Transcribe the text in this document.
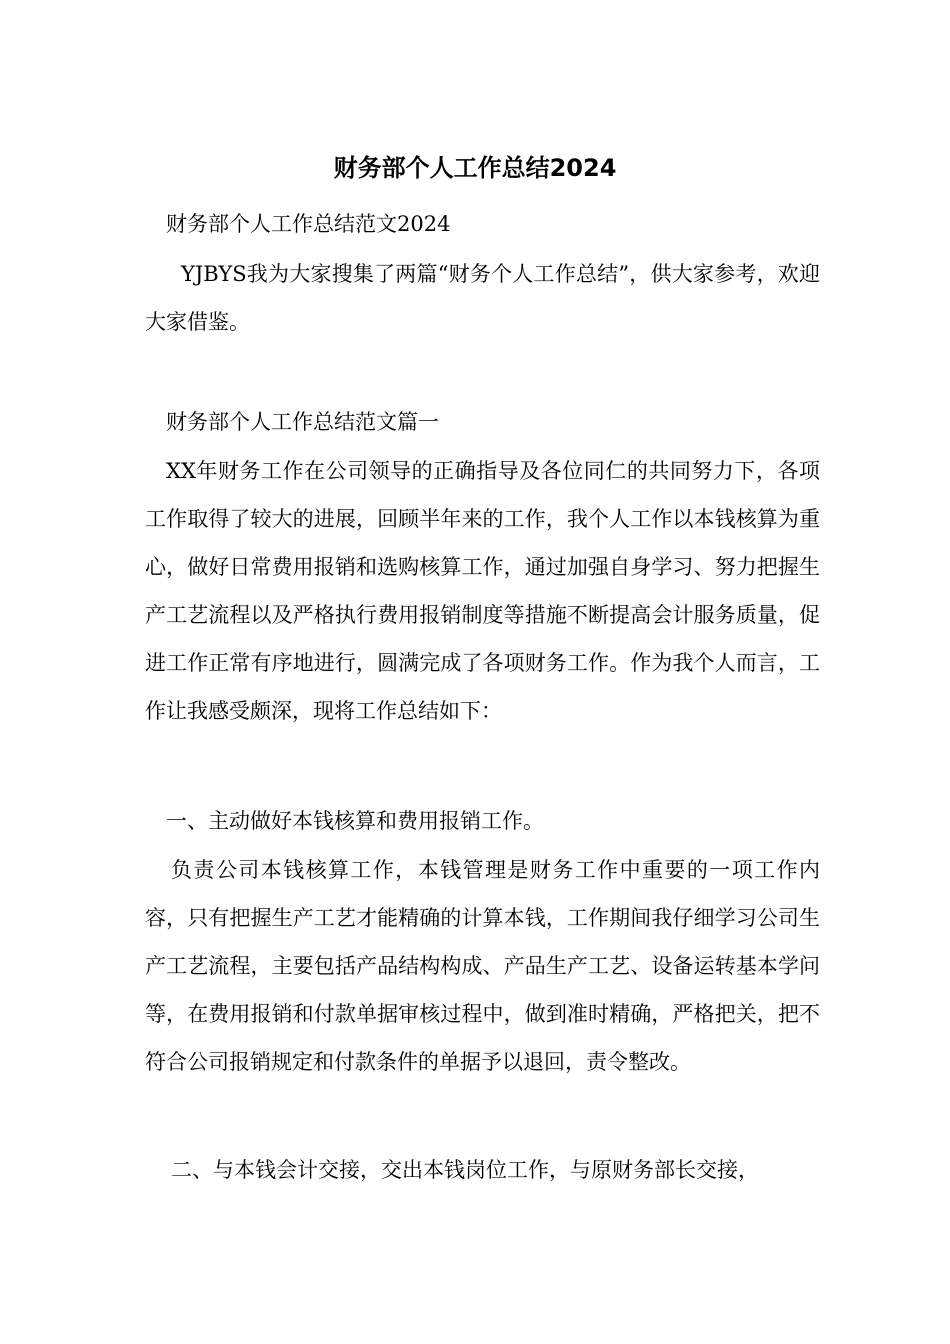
财务部个人工作总结2024

财务部个人工作总结范文2024

YJBYS我为大家搜集了两篇“财务个人工作总结”，供大家参考，欢迎大家借鉴。

财务部个人工作总结范文篇一

XX年财务工作在公司领导的正确指导及各位同仁的共同努力下，各项工作取得了较大的进展，回顾半年来的工作，我个人工作以本钱核算为重心，做好日常费用报销和选购核算工作，通过加强自身学习、努力把握生产工艺流程以及严格执行费用报销制度等措施不断提高会计服务质量，促进工作正常有序地进行，圆满完成了各项财务工作。作为我个人而言，工作让我感受颇深，现将工作总结如下：

一、主动做好本钱核算和费用报销工作。

负责公司本钱核算工作，本钱管理是财务工作中重要的一项工作内容，只有把握生产工艺才能精确的计算本钱，工作期间我仔细学习公司生产工艺流程，主要包括产品结构构成、产品生产工艺、设备运转基本学问等，在费用报销和付款单据审核过程中，做到准时精确，严格把关，把不符合公司报销规定和付款条件的单据予以退回，责令整改。

二、与本钱会计交接，交出本钱岗位工作，与原财务部长交接，
